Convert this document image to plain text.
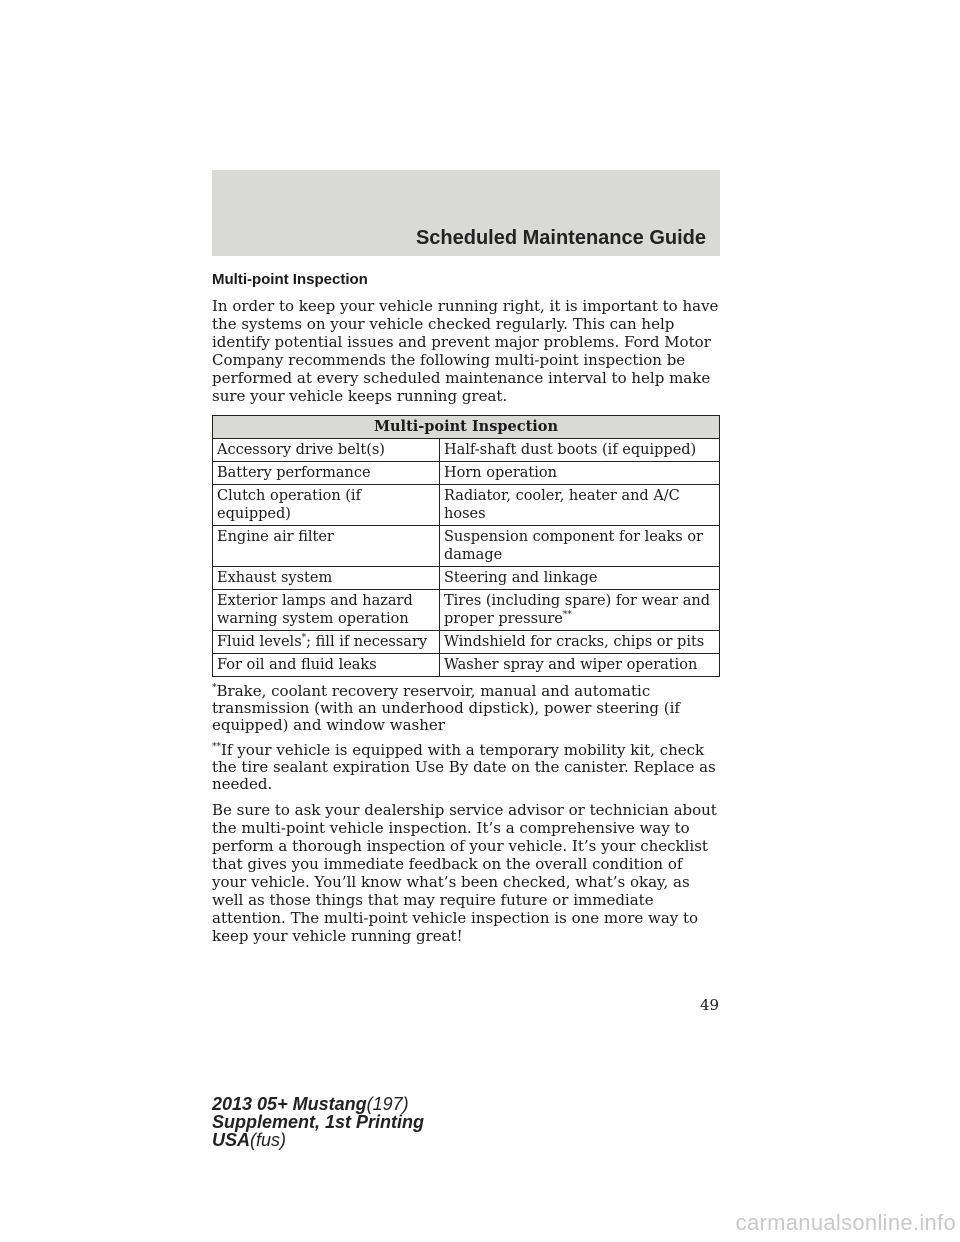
Scheduled Maintenance Guide
Multi-point Inspection

In order to keep your vehicle running right, it is important to have the systems on your vehicle checked regularly. This can help identify potential issues and prevent major problems. Ford Motor Company recommends the following multi-point inspection be performed at every scheduled maintenance interval to help make sure your vehicle keeps running great.

Multi-point Inspection	
Accessory drive belt(s)	Half-shaft dust boots (if equipped)
Battery performance	Horn operation
Clutch operation (if equipped)	Radiator, cooler, heater and A/C hoses
Engine air filter	Suspension component for leaks or damage
Exhaust system	Steering and linkage
Exterior lamps and hazard warning system operation	Tires (including spare) for wear and proper pressure**
Fluid levels*; fill if necessary	Windshield for cracks, chips or pits
For oil and fluid leaks	Washer spray and wiper operation

*Brake, coolant recovery reservoir, manual and automatic transmission (with an underhood dipstick), power steering (if equipped) and window washer

**If your vehicle is equipped with a temporary mobility kit, check the tire sealant expiration Use By date on the canister. Replace as needed.

Be sure to ask your dealership service advisor or technician about the multi-point vehicle inspection. It’s a comprehensive way to perform a thorough inspection of your vehicle. It’s your checklist that gives you immediate feedback on the overall condition of your vehicle. You’ll know what’s been checked, what’s okay, as well as those things that may require future or immediate attention. The multi-point vehicle inspection is one more way to keep your vehicle running great!

49
2013 05+ Mustang(197)
Supplement, 1st Printing
USA(fus)
carmanualsonline.info
